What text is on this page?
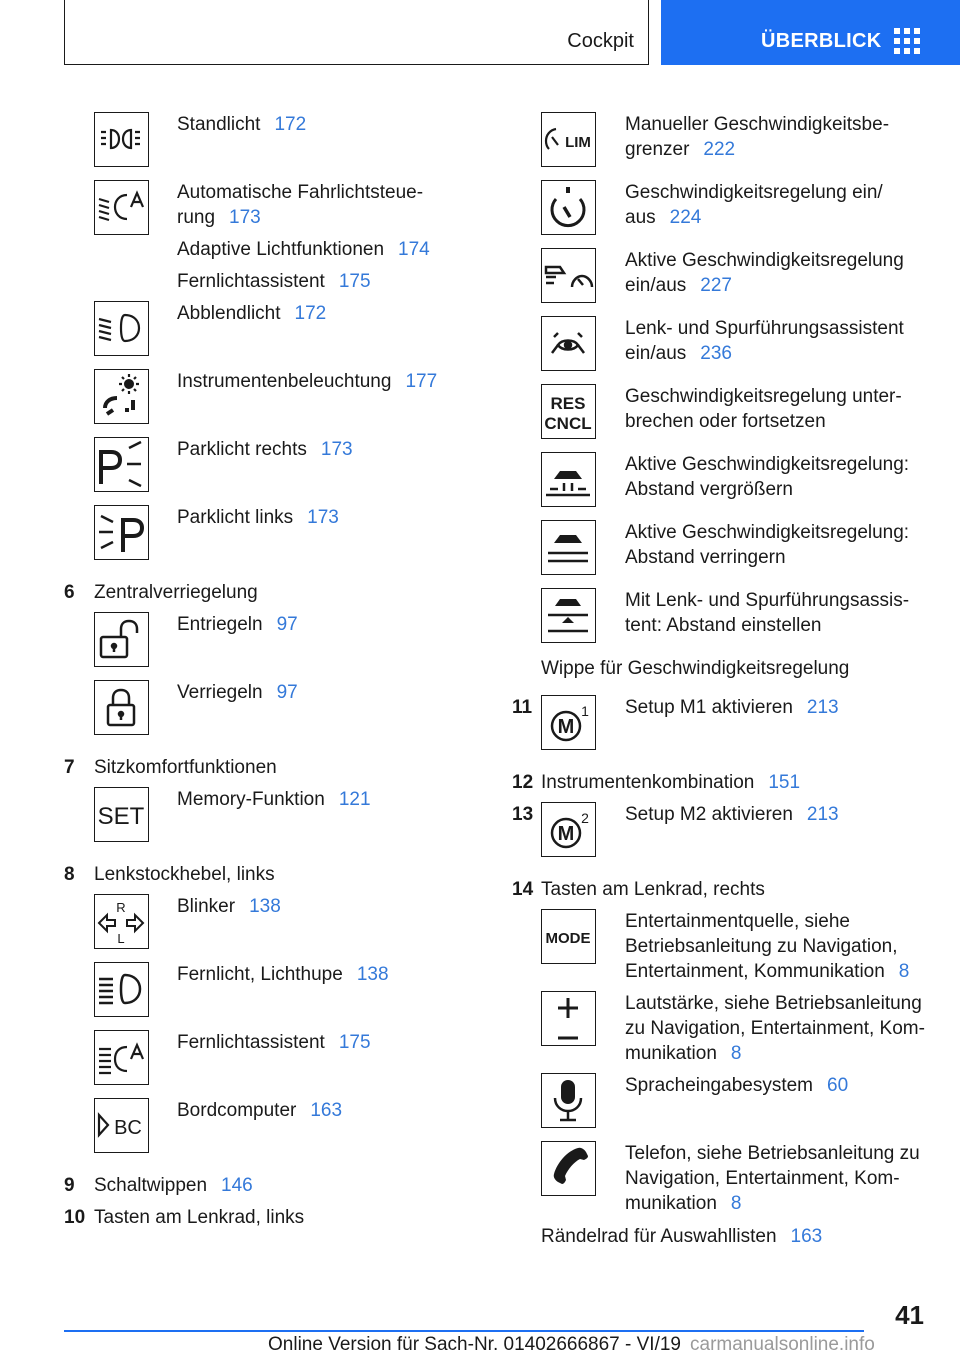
Cockpit	ÜBERBLICK
Standlicht 172
Automatische Fahrlichtsteue-
rung 173
Adaptive Lichtfunktionen 174
Fernlichtassistent 175
Abblendlicht 172
Instrumentenbeleuchtung 177
Parklicht rechts 173
Parklicht links 173
6 Zentralverriegelung
Entriegeln 97
Verriegeln 97
7 Sitzkomfortfunktionen
SET
Memory-Funktion 121
8 Lenkstockhebel, links
R
L
Blinker 138
Fernlicht, Lichthupe 138
Fernlichtassistent 175
BC
Bordcomputer 163
9 Schaltwippen 146
10 Tasten am Lenkrad, links
LIM
Manueller Geschwindigkeitsbe-
grenzer 222
Geschwindigkeitsregelung ein/
aus 224
Aktive Geschwindigkeitsregelung
ein/aus 227
Lenk- und Spurführungsassistent
ein/aus 236
RES
CNCL
Geschwindigkeitsregelung unter-
brechen oder fortsetzen
Aktive Geschwindigkeitsregelung:
Abstand vergrößern
Aktive Geschwindigkeitsregelung:
Abstand verringern
Mit Lenk- und Spurführungsassis-
tent: Abstand einstellen
Wippe für Geschwindigkeitsregelung
11
M
1 Setup M1 aktivieren 213
12 Instrumentenkombination 151
13
M
2 Setup M2 aktivieren 213
14 Tasten am Lenkrad, rechts
MODE
Entertainmentquelle, siehe
Betriebsanleitung zu Navigation,
Entertainment, Kommunikation 8
Lautstärke, siehe Betriebsanleitung
zu Navigation, Entertainment, Kom-
munikation 8
Spracheingabesystem 60
Telefon, siehe Betriebsanleitung zu
Navigation, Entertainment, Kom-
munikation 8
Rändelrad für Auswahllisten 163
41
Online Version für Sach-Nr. 01402666867 - VI/19 carmanualsonline.info
